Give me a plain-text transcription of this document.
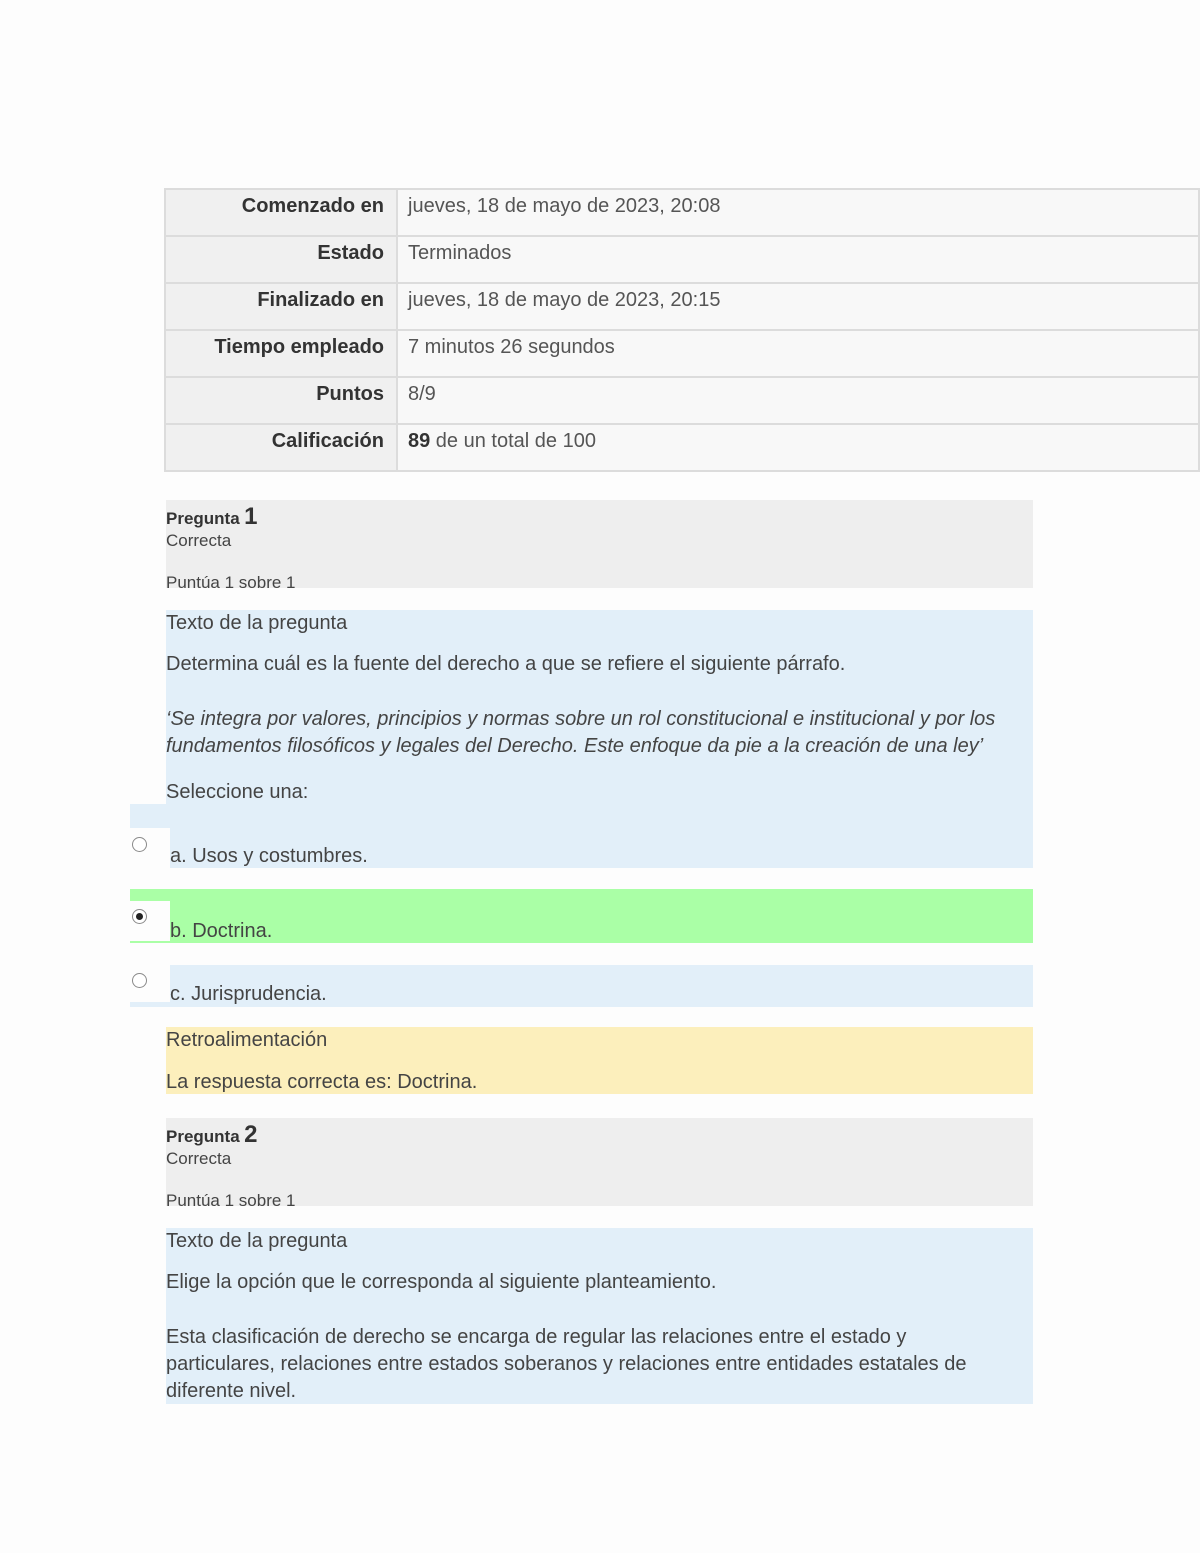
Comenzado en	jueves, 18 de mayo de 2023, 20:08
Estado	Terminados
Finalizado en	jueves, 18 de mayo de 2023, 20:15
Tiempo empleado	7 minutos 26 segundos
Puntos	8/9
Calificación	89 de un total de 100
Pregunta 1
Correcta
Puntúa 1 sobre 1

Texto de la pregunta

Determina cuál es la fuente del derecho a que se refiere el siguiente párrafo.

‘Se integra por valores, principios y normas sobre un rol constitucional e institucional y por los

fundamentos filosóficos y legales del Derecho. Este enfoque da pie a la creación de una ley’

Seleccione una:

a. Usos y costumbres.
b. Doctrina.
c. Jurisprudencia.
Retroalimentación
La respuesta correcta es: Doctrina.
Pregunta 2
Correcta
Puntúa 1 sobre 1

Texto de la pregunta

Elige la opción que le corresponda al siguiente planteamiento.

Esta clasificación de derecho se encarga de regular las relaciones entre el estado y

particulares, relaciones entre estados soberanos y relaciones entre entidades estatales de

diferente nivel.
